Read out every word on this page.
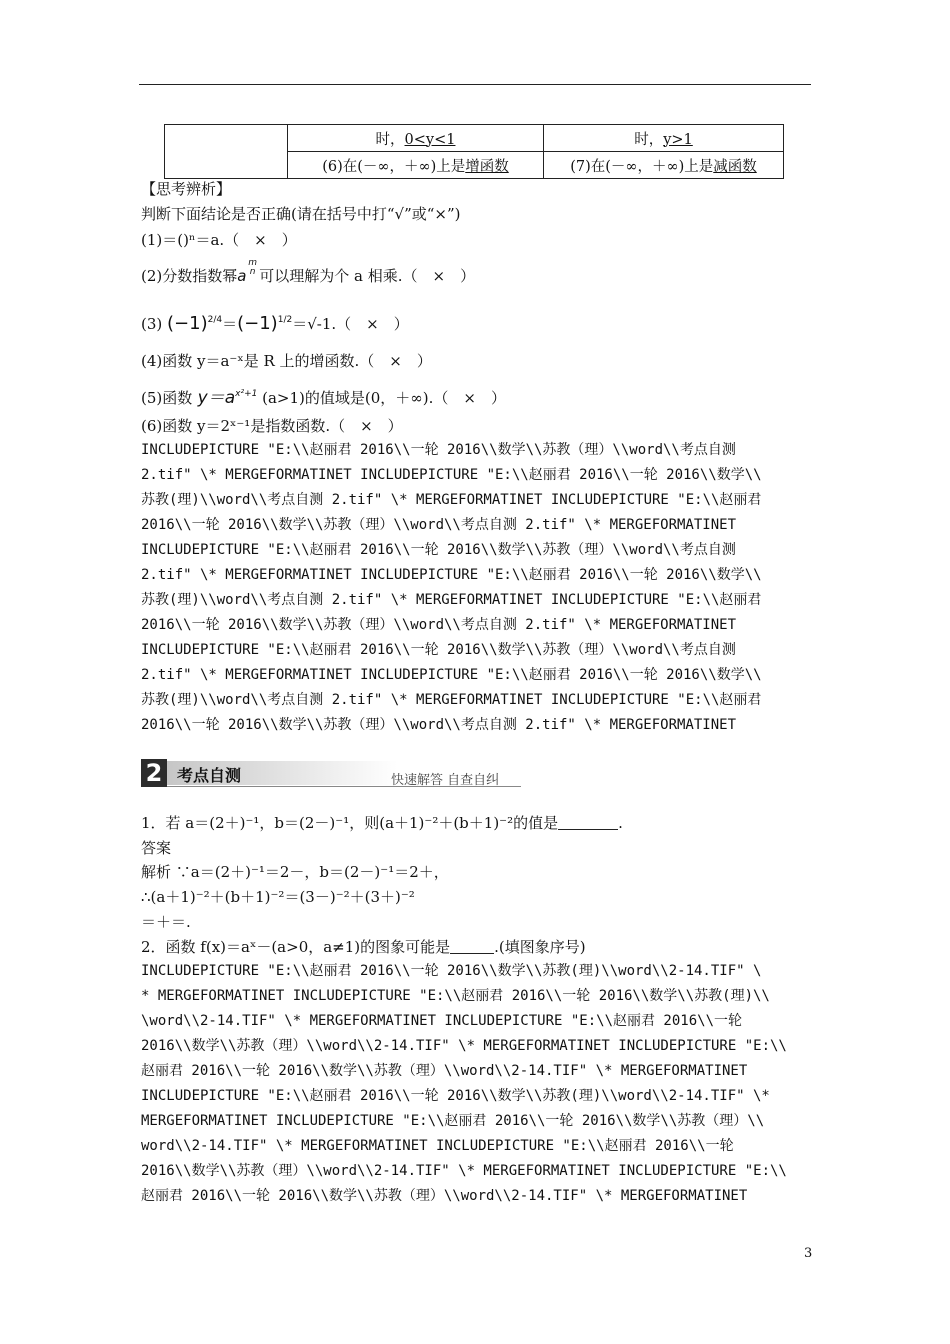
	时，0<y<1	时，y>1
	(6)在(－∞，＋∞)上是增函数	(7)在(－∞，＋∞)上是减函数
【思考辨析】
判断下面结论是否正确(请在括号中打“√”或“×”)
(1)＝()ⁿ＝a.（　×　）
(2)分数指数幂a
m
n 可以理解为个 a 相乘.（　×　）
(3) $(-1)^{2/4}=(-1)^{1/2}=√-1$.（　×　）
(4)函数 y＝a⁻ˣ是 R 上的增函数.（　×　）
(5)函数 $y=a^{x^2+1}$ (a>1)的值域是(0，＋∞).（　×　）
(6)函数 y＝2ˣ⁻¹是指数函数.（　×　）
INCLUDEPICTURE "E:\\赵丽君 2016\\一轮 2016\\数学\\苏教（理）\\word\\考点自测
2.tif" \* MERGEFORMATINET INCLUDEPICTURE "E:\\赵丽君 2016\\一轮 2016\\数学\\
苏教(理)\\word\\考点自测 2.tif" \* MERGEFORMATINET INCLUDEPICTURE "E:\\赵丽君
2016\\一轮 2016\\数学\\苏教（理）\\word\\考点自测 2.tif" \* MERGEFORMATINET
INCLUDEPICTURE "E:\\赵丽君 2016\\一轮 2016\\数学\\苏教（理）\\word\\考点自测
2.tif" \* MERGEFORMATINET INCLUDEPICTURE "E:\\赵丽君 2016\\一轮 2016\\数学\\
苏教(理)\\word\\考点自测 2.tif" \* MERGEFORMATINET INCLUDEPICTURE "E:\\赵丽君
2016\\一轮 2016\\数学\\苏教（理）\\word\\考点自测 2.tif" \* MERGEFORMATINET
INCLUDEPICTURE "E:\\赵丽君 2016\\一轮 2016\\数学\\苏教（理）\\word\\考点自测
2.tif" \* MERGEFORMATINET INCLUDEPICTURE "E:\\赵丽君 2016\\一轮 2016\\数学\\
苏教(理)\\word\\考点自测 2.tif" \* MERGEFORMATINET INCLUDEPICTURE "E:\\赵丽君
2016\\一轮 2016\\数学\\苏教（理）\\word\\考点自测 2.tif" \* MERGEFORMATINET
2 考点自测	快速解答 自查自纠
1．若 a＝(2＋)⁻¹，b＝(2－)⁻¹，则(a＋1)⁻²＋(b＋1)⁻²的值是	.
答案
解析 ∵a＝(2＋)⁻¹＝2－，b＝(2－)⁻¹＝2＋，
∴(a＋1)⁻²＋(b＋1)⁻²＝(3－)⁻²＋(3＋)⁻²
＝＋＝.
2．函数 f(x)＝aˣ－(a>0，a≠1)的图象可能是	.(填图象序号)
INCLUDEPICTURE "E:\\赵丽君 2016\\一轮 2016\\数学\\苏教(理)\\word\\2-14.TIF" \
* MERGEFORMATINET INCLUDEPICTURE "E:\\赵丽君 2016\\一轮 2016\\数学\\苏教(理)\\
\word\\2-14.TIF" \* MERGEFORMATINET INCLUDEPICTURE "E:\\赵丽君 2016\\一轮
2016\\数学\\苏教（理）\\word\\2-14.TIF" \* MERGEFORMATINET INCLUDEPICTURE "E:\\
赵丽君 2016\\一轮 2016\\数学\\苏教（理）\\word\\2-14.TIF" \* MERGEFORMATINET
INCLUDEPICTURE "E:\\赵丽君 2016\\一轮 2016\\数学\\苏教(理)\\word\\2-14.TIF" \*
MERGEFORMATINET INCLUDEPICTURE "E:\\赵丽君 2016\\一轮 2016\\数学\\苏教（理）\\
word\\2-14.TIF" \* MERGEFORMATINET INCLUDEPICTURE "E:\\赵丽君 2016\\一轮
2016\\数学\\苏教（理）\\word\\2-14.TIF" \* MERGEFORMATINET INCLUDEPICTURE "E:\\
赵丽君 2016\\一轮 2016\\数学\\苏教（理）\\word\\2-14.TIF" \* MERGEFORMATINET
3
